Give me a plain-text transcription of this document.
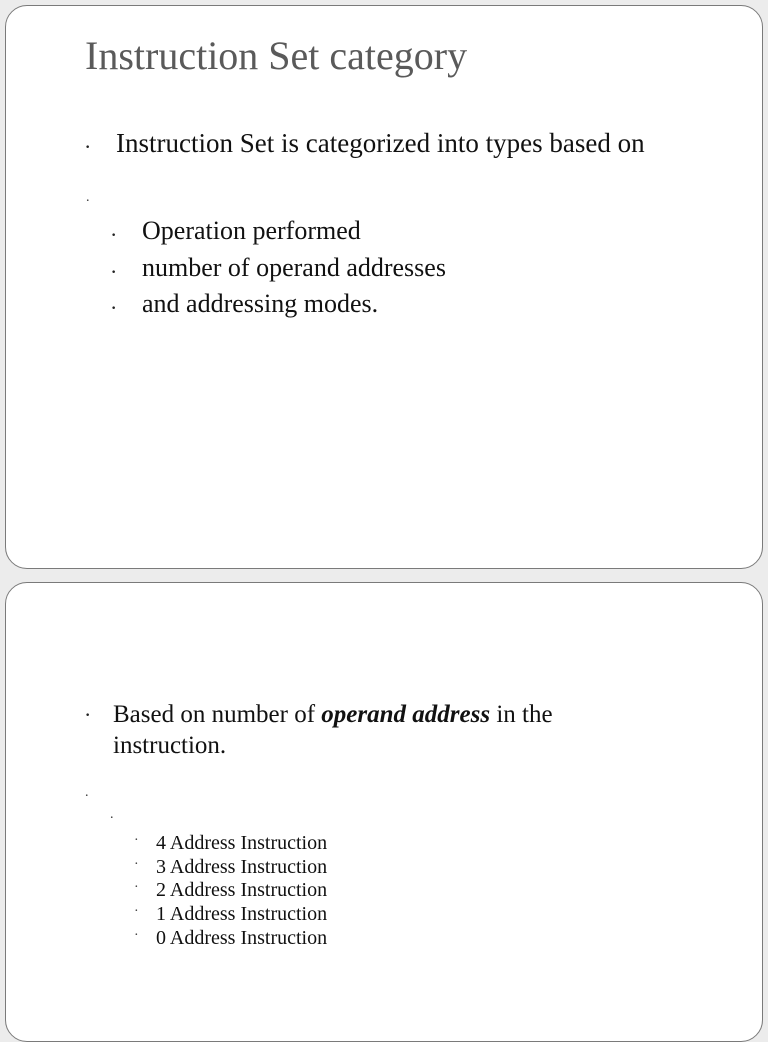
Instruction Set category
· Instruction Set is categorized into types based on
.
· Operation performed
· number of operand addresses
· and addressing modes.
· Based on number of operand address in the
instruction.
.
.
· 4 Address Instruction
· 3 Address Instruction
· 2 Address Instruction
· 1 Address Instruction
· 0 Address Instruction
